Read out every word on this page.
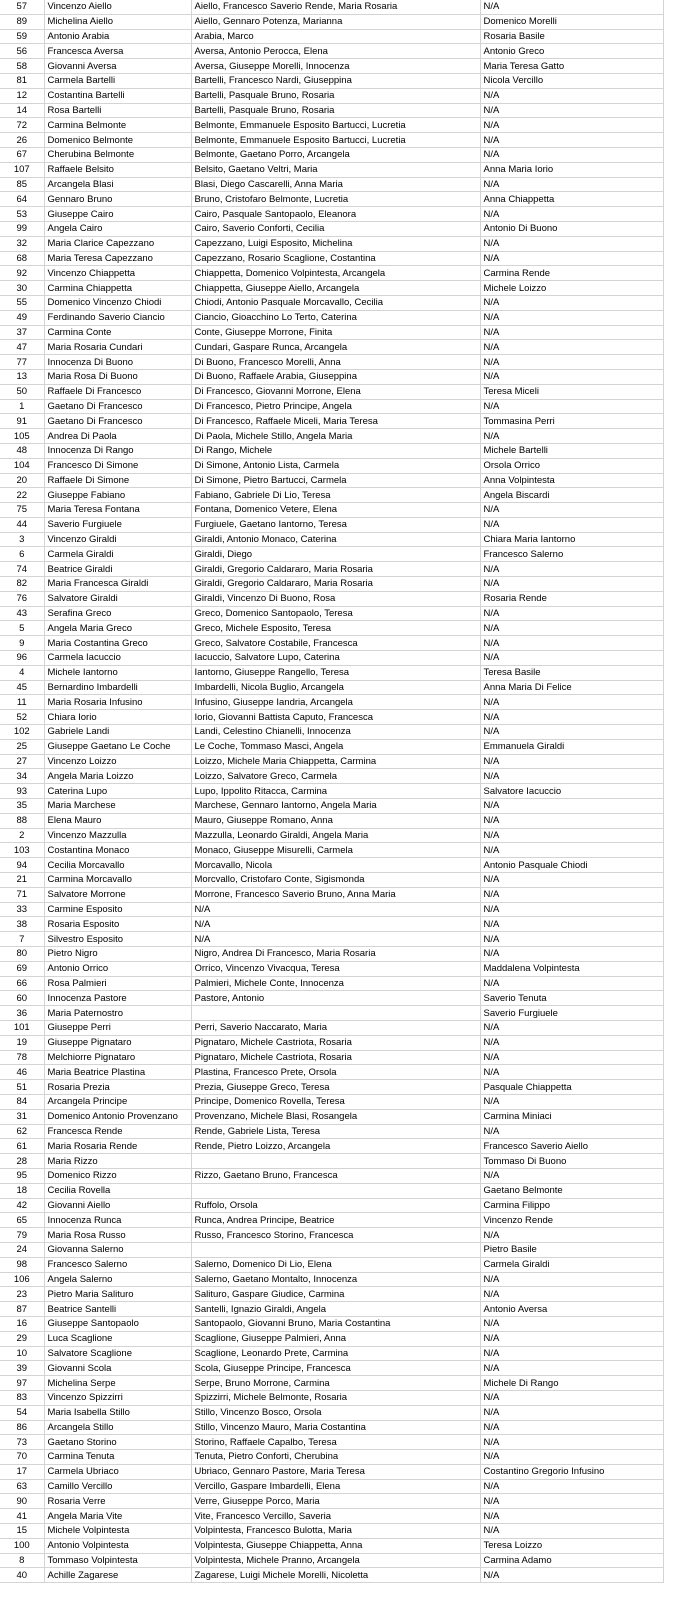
57	Vincenzo Aiello	Aiello, Francesco Saverio Rende, Maria Rosaria	N/A
89	Michelina Aiello	Aiello, Gennaro Potenza, Marianna	Domenico Morelli
59	Antonio Arabia	Arabia, Marco	Rosaria Basile
56	Francesca Aversa	Aversa, Antonio Perocca, Elena	Antonio Greco
58	Giovanni Aversa	Aversa, Giuseppe Morelli, Innocenza	Maria Teresa Gatto
81	Carmela Bartelli	Bartelli, Francesco Nardi, Giuseppina	Nicola Vercillo
12	Costantina Bartelli	Bartelli, Pasquale Bruno, Rosaria	N/A
14	Rosa Bartelli	Bartelli, Pasquale Bruno, Rosaria	N/A
72	Carmina Belmonte	Belmonte, Emmanuele Esposito Bartucci, Lucretia	N/A
26	Domenico Belmonte	Belmonte, Emmanuele Esposito Bartucci, Lucretia	N/A
67	Cherubina Belmonte	Belmonte, Gaetano Porro, Arcangela	N/A
107	Raffaele Belsito	Belsito, Gaetano Veltri, Maria	Anna Maria Iorio
85	Arcangela Blasi	Blasi, Diego Cascarelli, Anna Maria	N/A
64	Gennaro Bruno	Bruno, Cristofaro Belmonte, Lucretia	Anna Chiappetta
53	Giuseppe Cairo	Cairo, Pasquale Santopaolo, Eleanora	N/A
99	Angela Cairo	Cairo, Saverio Conforti, Cecilia	Antonio Di Buono
32	Maria Clarice Capezzano	Capezzano, Luigi Esposito, Michelina	N/A
68	Maria Teresa Capezzano	Capezzano, Rosario Scaglione, Costantina	N/A
92	Vincenzo Chiappetta	Chiappetta, Domenico Volpintesta, Arcangela	Carmina Rende
30	Carmina Chiappetta	Chiappetta, Giuseppe Aiello, Arcangela	Michele Loizzo
55	Domenico Vincenzo Chiodi	Chiodi, Antonio Pasquale Morcavallo, Cecilia	N/A
49	Ferdinando Saverio Ciancio	Ciancio, Gioacchino Lo Terto, Caterina	N/A
37	Carmina Conte	Conte, Giuseppe Morrone, Finita	N/A
47	Maria Rosaria Cundari	Cundari, Gaspare Runca, Arcangela	N/A
77	Innocenza Di Buono	Di Buono, Francesco Morelli, Anna	N/A
13	Maria Rosa Di Buono	Di Buono, Raffaele Arabia, Giuseppina	N/A
50	Raffaele Di Francesco	Di Francesco, Giovanni Morrone, Elena	Teresa Miceli
1	Gaetano Di Francesco	Di Francesco, Pietro Principe, Angela	N/A
91	Gaetano Di Francesco	Di Francesco, Raffaele Miceli, Maria Teresa	Tommasina Perri
105	Andrea Di Paola	Di Paola, Michele Stillo, Angela Maria	N/A
48	Innocenza Di Rango	Di Rango, Michele	Michele Bartelli
104	Francesco Di Simone	Di Simone, Antonio Lista, Carmela	Orsola Orrico
20	Raffaele Di Simone	Di Simone, Pietro Bartucci, Carmela	Anna Volpintesta
22	Giuseppe Fabiano	Fabiano, Gabriele Di Lio, Teresa	Angela Biscardi
75	Maria Teresa Fontana	Fontana, Domenico Vetere, Elena	N/A
44	Saverio Furgiuele	Furgiuele, Gaetano Iantorno, Teresa	N/A
3	Vincenzo Giraldi	Giraldi, Antonio Monaco, Caterina	Chiara Maria Iantorno
6	Carmela Giraldi	Giraldi, Diego	Francesco Salerno
74	Beatrice Giraldi	Giraldi, Gregorio Caldararo, Maria Rosaria	N/A
82	Maria Francesca Giraldi	Giraldi, Gregorio Caldararo, Maria Rosaria	N/A
76	Salvatore Giraldi	Giraldi, Vincenzo Di Buono, Rosa	Rosaria Rende
43	Serafina Greco	Greco, Domenico Santopaolo, Teresa	N/A
5	Angela Maria Greco	Greco, Michele Esposito, Teresa	N/A
9	Maria Costantina Greco	Greco, Salvatore Costabile, Francesca	N/A
96	Carmela Iacuccio	Iacuccio, Salvatore Lupo, Caterina	N/A
4	Michele Iantorno	Iantorno, Giuseppe Rangello, Teresa	Teresa Basile
45	Bernardino Imbardelli	Imbardelli, Nicola Buglio, Arcangela	Anna Maria Di Felice
11	Maria Rosaria Infusino	Infusino, Giuseppe Iandria, Arcangela	N/A
52	Chiara Iorio	Iorio, Giovanni Battista Caputo, Francesca	N/A
102	Gabriele Landi	Landi, Celestino Chianelli, Innocenza	N/A
25	Giuseppe Gaetano Le Coche	Le Coche, Tommaso Masci, Angela	Emmanuela Giraldi
27	Vincenzo Loizzo	Loizzo, Michele Maria Chiappetta, Carmina	N/A
34	Angela Maria Loizzo	Loizzo, Salvatore Greco, Carmela	N/A
93	Caterina Lupo	Lupo, Ippolito Ritacca, Carmina	Salvatore Iacuccio
35	Maria Marchese	Marchese, Gennaro Iantorno, Angela Maria	N/A
88	Elena Mauro	Mauro, Giuseppe Romano, Anna	N/A
2	Vincenzo Mazzulla	Mazzulla, Leonardo Giraldi, Angela Maria	N/A
103	Costantina Monaco	Monaco, Giuseppe Misurelli, Carmela	N/A
94	Cecilia Morcavallo	Morcavallo, Nicola	Antonio Pasquale Chiodi
21	Carmina Morcavallo	Morcvallo, Cristofaro Conte, Sigismonda	N/A
71	Salvatore Morrone	Morrone, Francesco Saverio Bruno, Anna Maria	N/A
33	Carmine Esposito	N/A	N/A
38	Rosaria Esposito	N/A	N/A
7	Silvestro Esposito	N/A	N/A
80	Pietro Nigro	Nigro, Andrea Di Francesco, Maria Rosaria	N/A
69	Antonio Orrico	Orrico, Vincenzo Vivacqua, Teresa	Maddalena Volpintesta
66	Rosa Palmieri	Palmieri, Michele Conte, Innocenza	N/A
60	Innocenza Pastore	Pastore, Antonio	Saverio Tenuta
36	Maria Paternostro		Saverio Furgiuele
101	Giuseppe Perri	Perri, Saverio Naccarato, Maria	N/A
19	Giuseppe Pignataro	Pignataro, Michele Castriota, Rosaria	N/A
78	Melchiorre Pignataro	Pignataro, Michele Castriota, Rosaria	N/A
46	Maria Beatrice Plastina	Plastina, Francesco Prete, Orsola	N/A
51	Rosaria Prezia	Prezia, Giuseppe Greco, Teresa	Pasquale Chiappetta
84	Arcangela Principe	Principe, Domenico Rovella, Teresa	N/A
31	Domenico Antonio Provenzano	Provenzano, Michele Blasi, Rosangela	Carmina Miniaci
62	Francesca Rende	Rende, Gabriele Lista, Teresa	N/A
61	Maria Rosaria Rende	Rende, Pietro Loizzo, Arcangela	Francesco Saverio Aiello
28	Maria Rizzo		Tommaso Di Buono
95	Domenico Rizzo	Rizzo, Gaetano Bruno, Francesca	N/A
18	Cecilia Rovella		Gaetano Belmonte
42	Giovanni Aiello	Ruffolo, Orsola	Carmina Filippo
65	Innocenza Runca	Runca, Andrea Principe, Beatrice	Vincenzo Rende
79	Maria Rosa Russo	Russo, Francesco Storino, Francesca	N/A
24	Giovanna Salerno		Pietro Basile
98	Francesco Salerno	Salerno, Domenico Di Lio, Elena	Carmela Giraldi
106	Angela Salerno	Salerno, Gaetano Montalto, Innocenza	N/A
23	Pietro Maria Salituro	Salituro, Gaspare Giudice, Carmina	N/A
87	Beatrice Santelli	Santelli, Ignazio Giraldi, Angela	Antonio Aversa
16	Giuseppe Santopaolo	Santopaolo, Giovanni Bruno, Maria Costantina	N/A
29	Luca Scaglione	Scaglione, Giuseppe Palmieri, Anna	N/A
10	Salvatore Scaglione	Scaglione, Leonardo Prete, Carmina	N/A
39	Giovanni Scola	Scola, Giuseppe Principe, Francesca	N/A
97	Michelina Serpe	Serpe, Bruno Morrone, Carmina	Michele Di Rango
83	Vincenzo Spizzirri	Spizzirri, Michele Belmonte, Rosaria	N/A
54	Maria Isabella Stillo	Stillo, Vincenzo Bosco, Orsola	N/A
86	Arcangela Stillo	Stillo, Vincenzo Mauro, Maria Costantina	N/A
73	Gaetano Storino	Storino, Raffaele Capalbo, Teresa	N/A
70	Carmina Tenuta	Tenuta, Pietro Conforti, Cherubina	N/A
17	Carmela Ubriaco	Ubriaco, Gennaro Pastore, Maria Teresa	Costantino Gregorio Infusino
63	Camillo Vercillo	Vercillo, Gaspare Imbardelli, Elena	N/A
90	Rosaria Verre	Verre, Giuseppe Porco, Maria	N/A
41	Angela Maria Vite	Vite, Francesco Vercillo, Saveria	N/A
15	Michele Volpintesta	Volpintesta, Francesco Bulotta, Maria	N/A
100	Antonio Volpintesta	Volpintesta, Giuseppe Chiappetta, Anna	Teresa Loizzo
8	Tommaso Volpintesta	Volpintesta, Michele Pranno, Arcangela	Carmina Adamo
40	Achille Zagarese	Zagarese, Luigi Michele Morelli, Nicoletta	N/A
